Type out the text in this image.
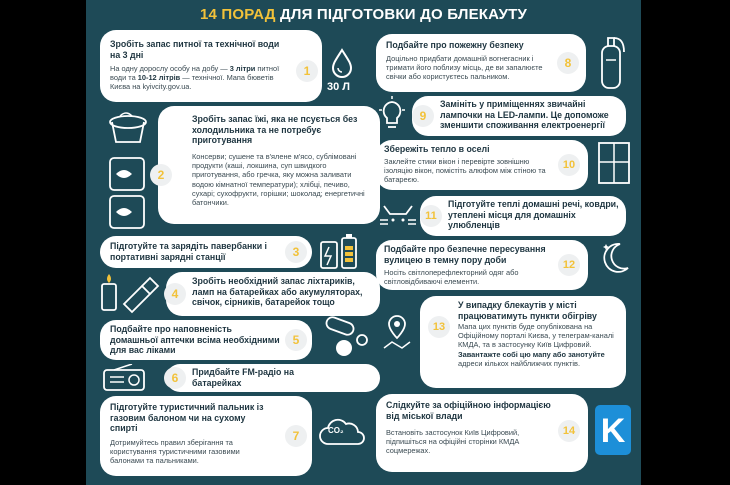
14 ПОРАД ДЛЯ ПІДГОТОВКИ ДО БЛЕКАУТУ
Зробіть запас питної та технічної води на 3 дні
На одну дорослу особу на добу — 3 літри питної води та 10-12 літрів — технічної. Мапа бюветів Києва на kyivcity.gov.ua.
1
30 Л
2
Зробіть запас їжі, яка не псується без холодильника та не потребує приготування
Консерви; сушене та в'ялене м'ясо, сублімовані продукти (каші, локшина, суп швидкого приготування, або гречка, яку можна заливати водою кімнатної температури); хлібці, печиво, сухарі; сухофрукти, горішки; шоколад; енергетичні батончики.
Підготуйте та зарядіть павербанки і портативні зарядні станції	3
4
Зробіть необхідний запас ліхтариків, ламп на батарейках або акумуляторах, свічок, сірників, батарейок тощо
Подбайте про наповненість домашньої аптечки всіма необхідними для вас ліками
5
6	Придбайте FM-радіо на батарейках
Підготуйте туристичний пальник із газовим балоном чи на сухому спирті
Дотримуйтесь правил зберігання та користування туристичними газовими балонами та пальниками.
7	CO₂
Подбайте про пожежну безпеку
Доцільно придбати домашній вогнегасник і тримати його поблизу місць, де ви запалюєте свічки або користуєтесь пальником.
8
9
Замініть у приміщеннях звичайні лампочки на LED-лампи. Це допоможе зменшити споживання електроенергії
Збережіть тепло в оселі
Заклейте стики вікон і перевірте зовнішню ізоляцію вікон, помістіть алюфом між стіною та батареєю.
10
11
Підготуйте теплі домашні речі, ковдри, утеплені місця для домашніх улюбленців
Подбайте про безпечне пересування вулицею в темну пору доби
Носіть світлоперефлекторний одяг або світловідбиваючі елементи.
12
13
У випадку блекаутів у місті працюватимуть пункти обігріву
Мапа цих пунктів буде опублікована на Офіційному порталі Києва, у телеграм-каналі КМДА, та в застосунку Київ Цифровий. Завантажте собі цю мапу або занотуйте адреси кількох найближчих пунктів.
Слідкуйте за офіційною інформацією від міської влади
Встановіть застосунок Київ Цифровий, підпишіться на офіційні сторінки КМДА соцмережах.
14 K
